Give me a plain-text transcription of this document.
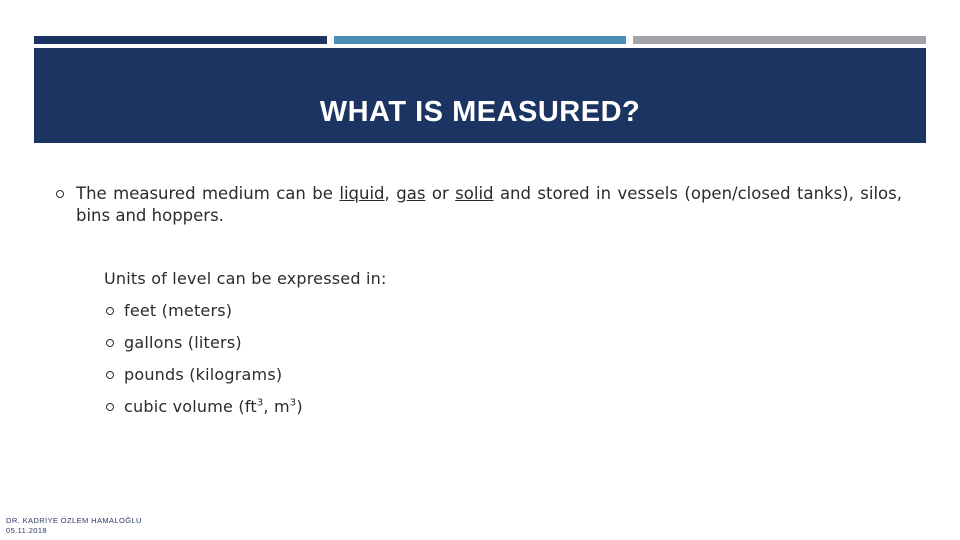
WHAT IS MEASURED?
The measured medium can be liquid, gas or solid and stored in vessels (open/closed tanks), silos, bins and hoppers.
Units of level can be expressed in:
feet (meters)
gallons (liters)
pounds (kilograms)
cubic volume ($ft^3$, $m^3$)
DR. KADRİYE ÖZLEM HAMALOĞLU
05.11.2018
